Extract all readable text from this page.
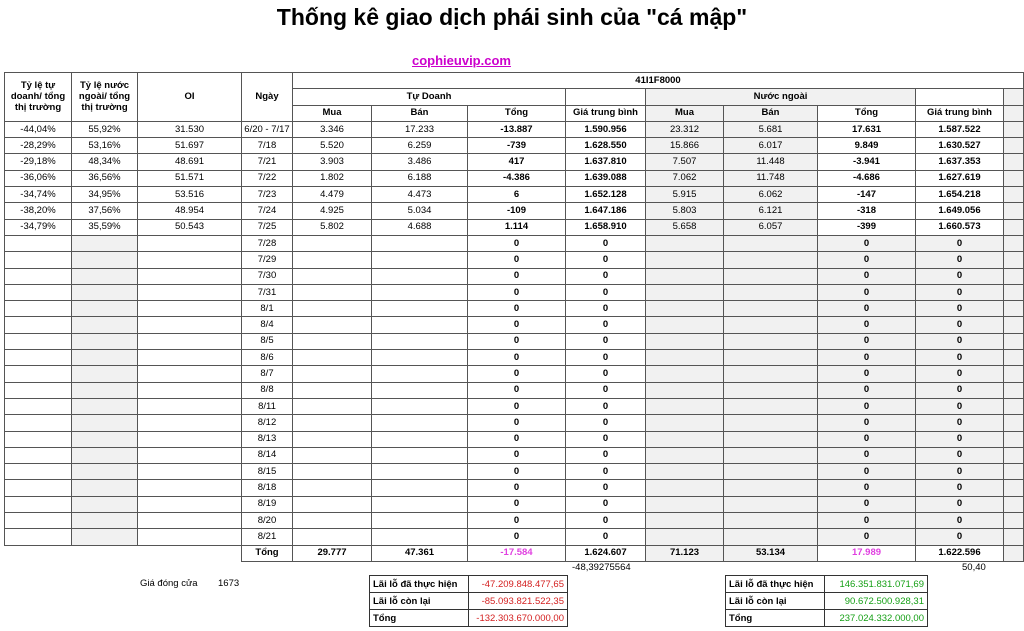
Thống kê giao dịch phái sinh của "cá mập"
cophieuvip.com
Tỷ lệ tự doanh/ tổng thị trường	Tỷ lệ nước ngoài/ tổng thị trường	OI	Ngày	41I1F8000								
				Tự Doanh				Nước ngoài				
				Mua	Bán	Tổng	Giá trung bình	Mua	Bán	Tổng	Giá trung bình	
-44,04%	55,92%	31.530	6/20 - 7/17	3.346	17.233	-13.887	1.590.956	23.312	5.681	17.631	1.587.522	
-28,29%	53,16%	51.697	7/18	5.520	6.259	-739	1.628.550	15.866	6.017	9.849	1.630.527	
-29,18%	48,34%	48.691	7/21	3.903	3.486	417	1.637.810	7.507	11.448	-3.941	1.637.353	
-36,06%	36,56%	51.571	7/22	1.802	6.188	-4.386	1.639.088	7.062	11.748	-4.686	1.627.619	
-34,74%	34,95%	53.516	7/23	4.479	4.473	6	1.652.128	5.915	6.062	-147	1.654.218	
-38,20%	37,56%	48.954	7/24	4.925	5.034	-109	1.647.186	5.803	6.121	-318	1.649.056	
-34,79%	35,59%	50.543	7/25	5.802	4.688	1.114	1.658.910	5.658	6.057	-399	1.660.573	
			7/28			0	0			0	0	
			7/29			0	0			0	0	
			7/30			0	0			0	0	
			7/31			0	0			0	0	
			8/1			0	0			0	0	
			8/4			0	0			0	0	
			8/5			0	0			0	0	
			8/6			0	0			0	0	
			8/7			0	0			0	0	
			8/8			0	0			0	0	
			8/11			0	0			0	0	
			8/12			0	0			0	0	
			8/13			0	0			0	0	
			8/14			0	0			0	0	
			8/15			0	0			0	0	
			8/18			0	0			0	0	
			8/19			0	0			0	0	
			8/20			0	0			0	0	
			8/21			0	0			0	0	
			Tổng	29.777	47.361	-17.584	1.624.607	71.123	53.134	17.989	1.622.596	
-48,39275564	50,40
Giá đóng cửa 1673	Lãi lỗ đã thực hiện	-47.209.848.477,65
Lãi lỗ còn lại	-85.093.821.522,35
Tổng	-132.303.670.000,00
Lãi lỗ đã thực hiện	146.351.831.071,69
Lãi lỗ còn lại	90.672.500.928,31
Tổng	237.024.332.000,00
